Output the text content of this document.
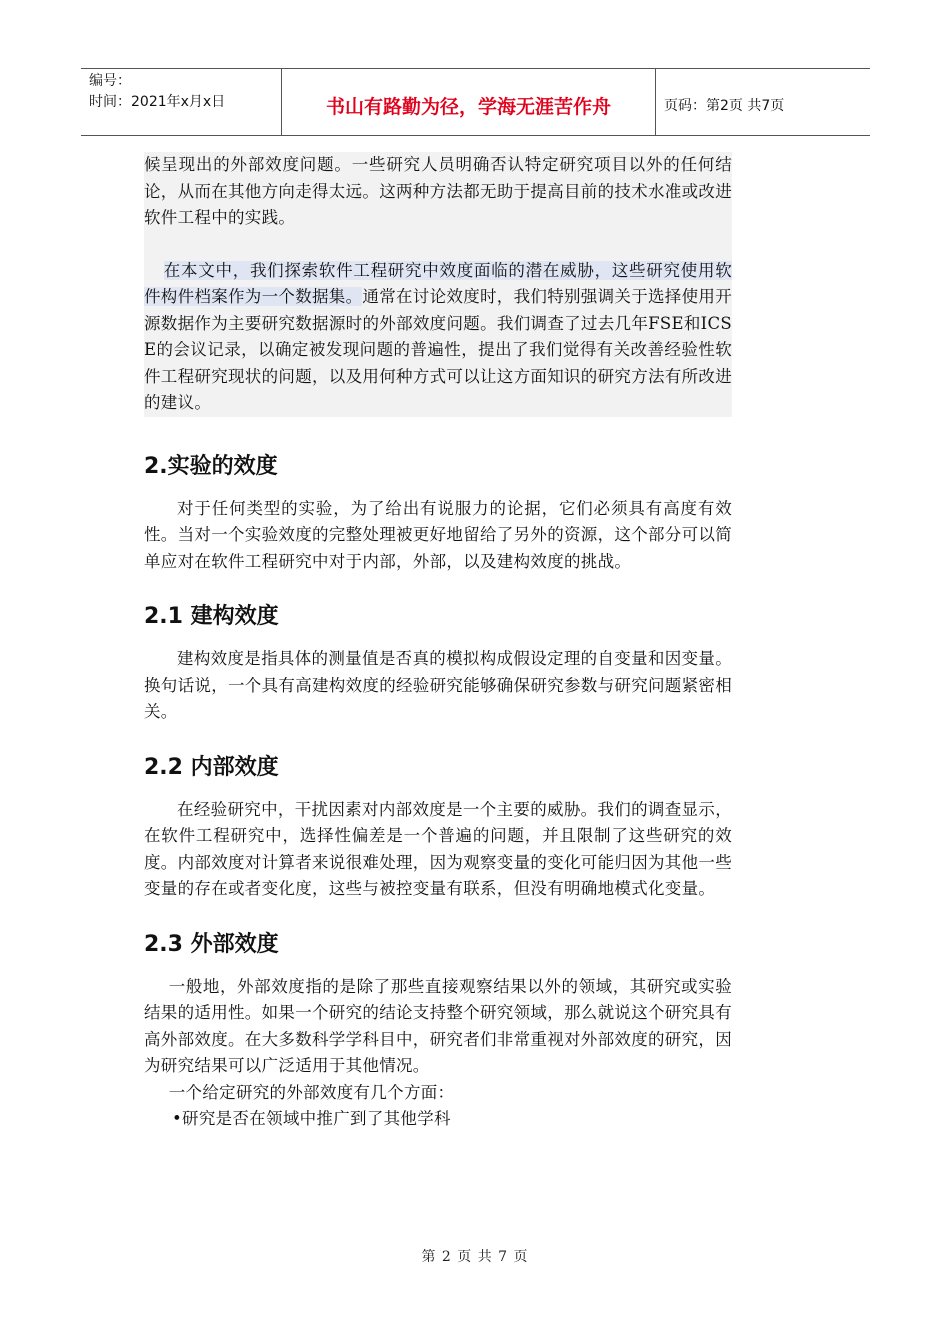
编号：
时间：2021年x月x日	书山有路勤为径，学海无涯苦作舟	页码：第2页 共7页

候呈现出的外部效度问题。一些研究人员明确否认特定研究项目以外的任何结论，从而在其他方向走得太远。这两种方法都无助于提高目前的技术水准或改进软件工程中的实践。

在本文中，我们探索软件工程研究中效度面临的潜在威胁，这些研究使用软件构件档案作为一个数据集。通常在讨论效度时，我们特别强调关于选择使用开源数据作为主要研究数据源时的外部效度问题。我们调查了过去几年FSE和ICSE的会议记录，以确定被发现问题的普遍性，提出了我们觉得有关改善经验性软件工程研究现状的问题，以及用何种方式可以让这方面知识的研究方法有所改进的建议。

2.实验的效度

对于任何类型的实验，为了给出有说服力的论据，它们必须具有高度有效性。当对一个实验效度的完整处理被更好地留给了另外的资源，这个部分可以简单应对在软件工程研究中对于内部，外部，以及建构效度的挑战。

2.1 建构效度

建构效度是指具体的测量值是否真的模拟构成假设定理的自变量和因变量。 换句话说，一个具有高建构效度的经验研究能够确保研究参数与研究问题紧密相关。

2.2 内部效度

在经验研究中，干扰因素对内部效度是一个主要的威胁。我们的调查显示，在软件工程研究中，选择性偏差是一个普遍的问题，并且限制了这些研究的效度。内部效度对计算者来说很难处理，因为观察变量的变化可能归因为其他一些变量的存在或者变化度，这些与被控变量有联系，但没有明确地模式化变量。

2.3 外部效度

一般地，外部效度指的是除了那些直接观察结果以外的领域，其研究或实验结果的适用性。如果一个研究的结论支持整个研究领域，那么就说这个研究具有高外部效度。在大多数科学学科目中，研究者们非常重视对外部效度的研究，因为研究结果可以广泛适用于其他情况。

一个给定研究的外部效度有几个方面：

•研究是否在领域中推广到了其他学科

第 2 页 共 7 页
